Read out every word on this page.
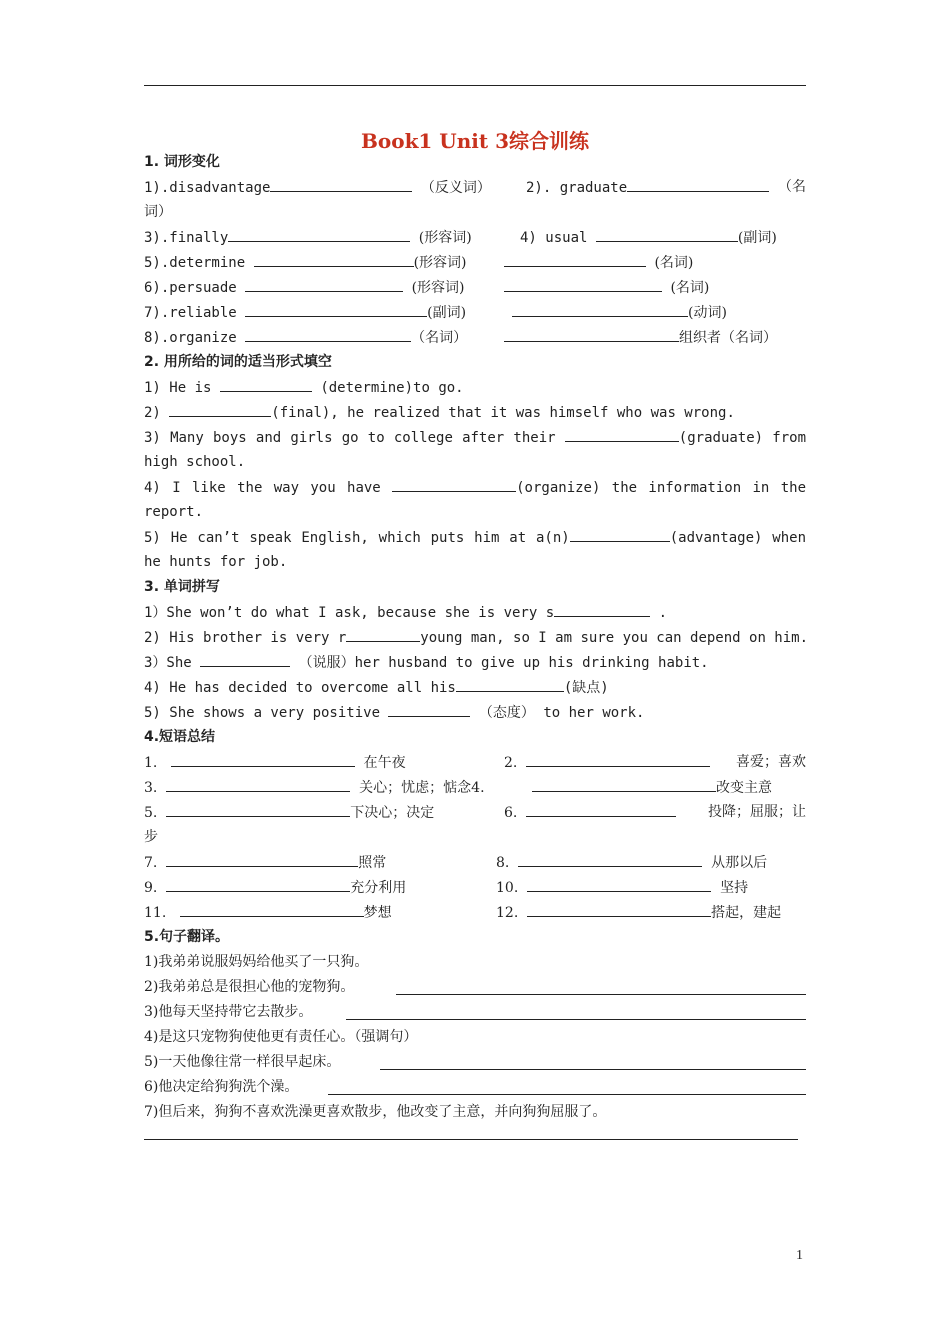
Book1 Unit 3综合训练
1. 词形变化
1).disadvantage	（反义词）	2). graduate	（名
词）
3).finally	(形容词)	4) usual	(副词)
5).determine	(形容词)	(名词)
6).persuade	(形容词)	(名词)
7).reliable	(副词)	(动词)
8).organize	（名词）	组织者（名词）
2. 用所给的词的适当形式填空
1) He is	(determine)to go.
2)	(final), he realized that it was himself who was wrong.
3) Many boys and girls go to college after their	(graduate) from
high school.
4) I like the way you have	(organize) the information in the
report.
5) He can’t speak English, which puts him at a(n)	(advantage) when
he hunts for job.
3. 单词拼写
1）She won’t do what I ask, because she is very s	.
2) His brother is very r	young man, so I am sure you can depend on him.
3）She	（说服）her husband to give up his drinking habit.
4) He has decided to overcome all his	(缺点)
5) She shows a very positive	（态度） to her work.
4.短语总结
1.	在午夜	2.	喜爱；喜欢
3.	关心；忧虑；惦念4.	改变主意
5.	下决心；决定	6.	投降；屈服；让
步
7.	照常	8.	从那以后
9.	充分利用	10.	坚持
11.	梦想	12.	搭起，建起
5.句子翻译。
1)我弟弟说服妈妈给他买了一只狗。
2)我弟弟总是很担心他的宠物狗。
3)他每天坚持带它去散步。
4)是这只宠物狗使他更有责任心。（强调句）
5)一天他像往常一样很早起床。
6)他决定给狗狗洗个澡。
7)但后来，狗狗不喜欢洗澡更喜欢散步，他改变了主意，并向狗狗屈服了。
1
